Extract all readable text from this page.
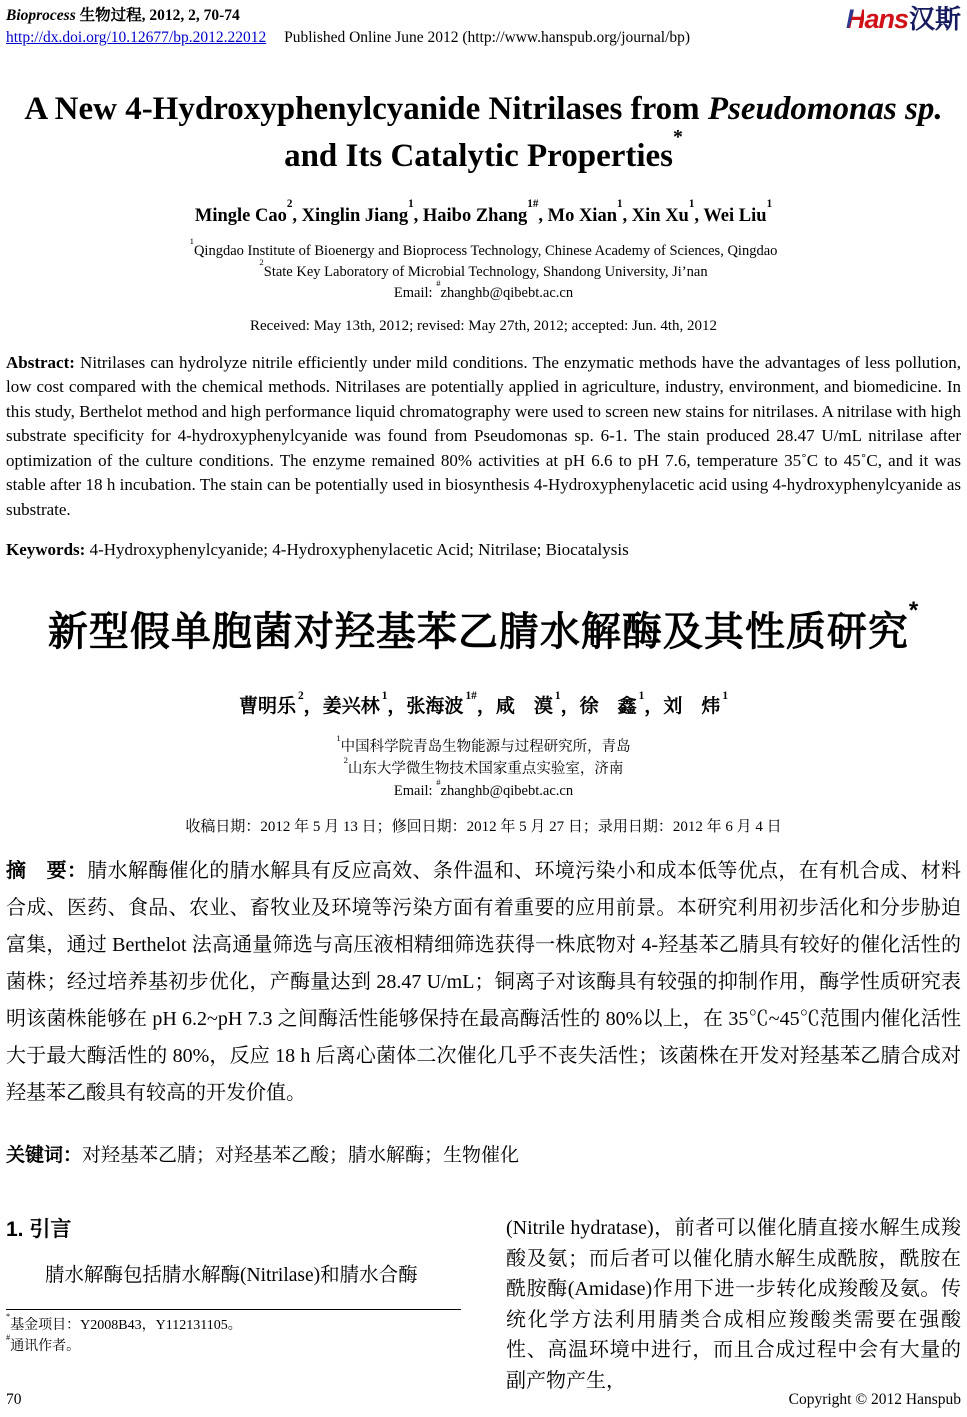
Bioprocess 生物过程, 2012, 2, 70-74
http://dx.doi.org/10.12677/bp.2012.22012 Published Online June 2012 (http://www.hanspub.org/journal/bp)
Hans汉斯
A New 4-Hydroxyphenylcyanide Nitrilases from Pseudomonas sp. and Its Catalytic Properties*
Mingle Cao$^2$, Xinglin Jiang$^1$, Haibo Zhang$^{1\#}$, Mo Xian$^1$, Xin Xu$^1$, Wei Liu$^1$
$^1$Qingdao Institute of Bioenergy and Bioprocess Technology, Chinese Academy of Sciences, Qingdao
$^2$State Key Laboratory of Microbial Technology, Shandong University, Ji’nan
Email: #zhanghb@qibebt.ac.cn
Received: May 13th, 2012; revised: May 27th, 2012; accepted: Jun. 4th, 2012
Abstract: Nitrilases can hydrolyze nitrile efficiently under mild conditions. The enzymatic methods have the advantages of less pollution, low cost compared with the chemical methods. Nitrilases are potentially applied in agriculture, industry, environment, and biomedicine. In this study, Berthelot method and high performance liquid chromatography were used to screen new stains for nitrilases. A nitrilase with high substrate specificity for 4-hydroxyphenylcyanide was found from Pseudomonas sp. 6-1. The stain produced 28.47 U/mL nitrilase after optimization of the culture conditions. The enzyme remained 80% activities at pH 6.6 to pH 7.6, temperature 35˚C to 45˚C, and it was stable after 18 h incubation. The stain can be potentially used in biosynthesis 4-Hydroxyphenylacetic acid using 4-hydroxyphenylcyanide as substrate.
Keywords: 4-Hydroxyphenylcyanide; 4-Hydroxyphenylacetic Acid; Nitrilase; Biocatalysis
新型假单胞菌对羟基苯乙腈水解酶及其性质研究*
曹明乐$^2$，姜兴林$^1$，张海波$^{1\#}$，咸　漠$^1$，徐　鑫$^1$，刘　炜$^1$
$^1$中国科学院青岛生物能源与过程研究所，青岛
$^2$山东大学微生物技术国家重点实验室，济南
Email: #zhanghb@qibebt.ac.cn
收稿日期：2012 年 5 月 13 日；修回日期：2012 年 5 月 27 日；录用日期：2012 年 6 月 4 日
摘　要：腈水解酶催化的腈水解具有反应高效、条件温和、环境污染小和成本低等优点，在有机合成、材料合成、医药、食品、农业、畜牧业及环境等污染方面有着重要的应用前景。本研究利用初步活化和分步胁迫富集，通过 Berthelot 法高通量筛选与高压液相精细筛选获得一株底物对 4-羟基苯乙腈具有较好的催化活性的菌株；经过培养基初步优化，产酶量达到 28.47 U/mL；铜离子对该酶具有较强的抑制作用，酶学性质研究表明该菌株能够在 pH 6.2~pH 7.3 之间酶活性能够保持在最高酶活性的 80%以上，在 35℃~45℃范围内催化活性大于最大酶活性的 80%，反应 18 h 后离心菌体二次催化几乎不丧失活性；该菌株在开发对羟基苯乙腈合成对羟基苯乙酸具有较高的开发价值。
关键词：对羟基苯乙腈；对羟基苯乙酸；腈水解酶；生物催化
1. 引言
腈水解酶包括腈水解酶(Nitrilase)和腈水合酶
*基金项目：Y2008B43，Y112131105。
#通讯作者。
(Nitrile hydratase)，前者可以催化腈直接水解生成羧酸及氨；而后者可以催化腈水解生成酰胺，酰胺在酰胺酶(Amidase)作用下进一步转化成羧酸及氨。传统化学方法利用腈类合成相应羧酸类需要在强酸性、高温环境中进行，而且合成过程中会有大量的副产物产生，
70	Copyright © 2012 Hanspub
